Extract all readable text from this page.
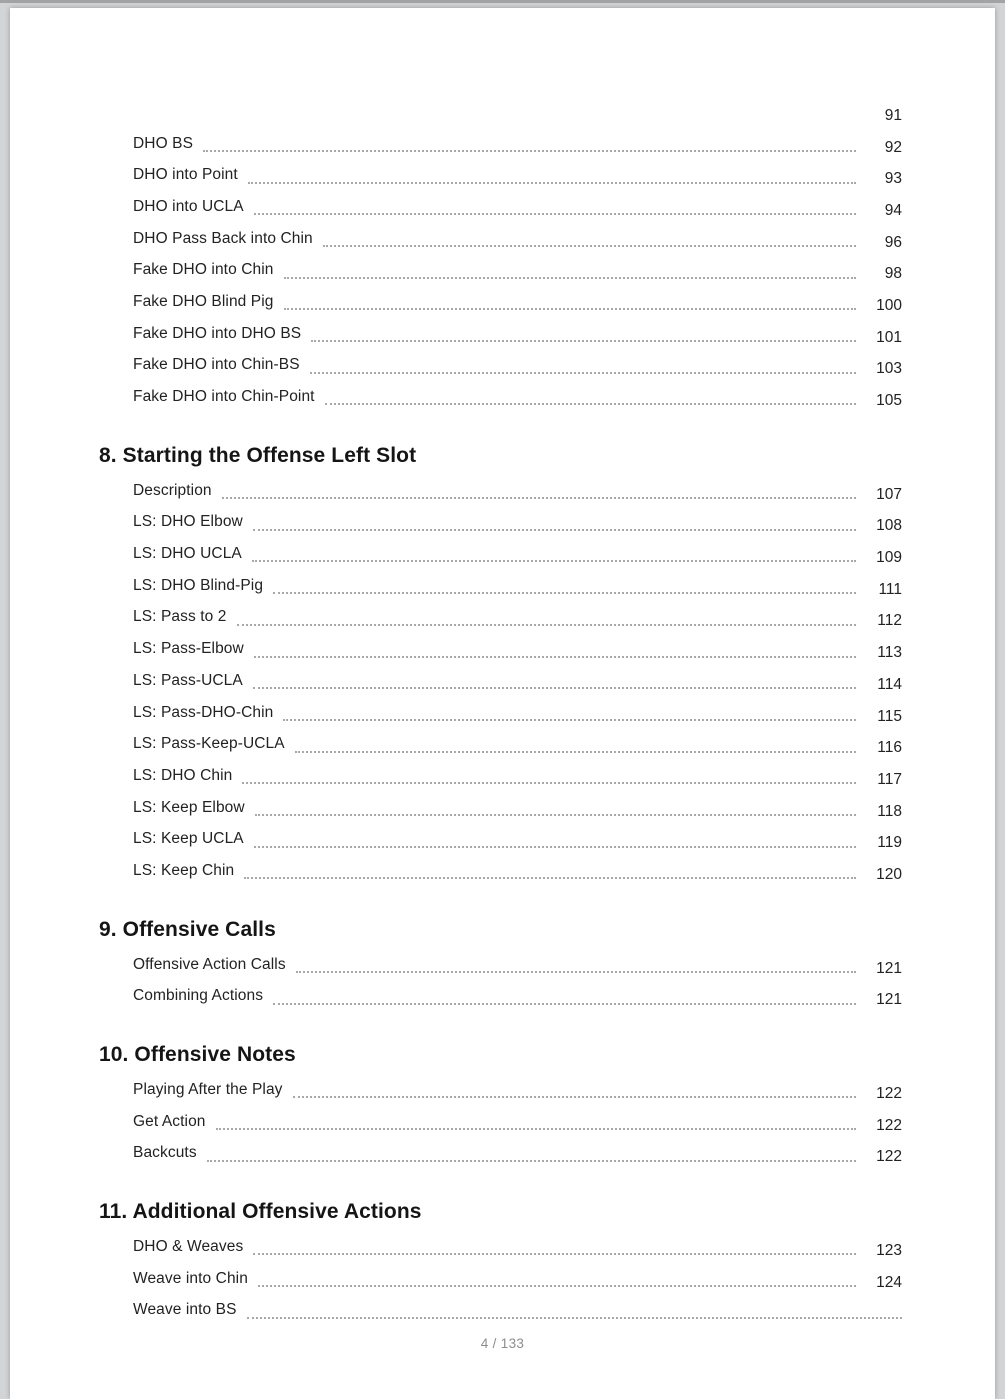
91
DHO BS	92
DHO into Point	93
DHO into UCLA	94
DHO Pass Back into Chin	96
Fake DHO into Chin	98
Fake DHO Blind Pig	100
Fake DHO into DHO BS	101
Fake DHO into Chin-BS	103
Fake DHO into Chin-Point	105
8. Starting the Offense Left Slot
Description	107
LS: DHO Elbow	108
LS: DHO UCLA	109
LS: DHO Blind-Pig	111
LS: Pass to 2	112
LS: Pass-Elbow	113
LS: Pass-UCLA	114
LS: Pass-DHO-Chin	115
LS: Pass-Keep-UCLA	116
LS: DHO Chin	117
LS: Keep Elbow	118
LS: Keep UCLA	119
LS: Keep Chin	120
9. Offensive Calls
Offensive Action Calls	121
Combining Actions	121
10. Offensive Notes
Playing After the Play	122
Get Action	122
Backcuts	122
11. Additional Offensive Actions
DHO & Weaves	123
Weave into Chin	124
Weave into BS
4 / 133
